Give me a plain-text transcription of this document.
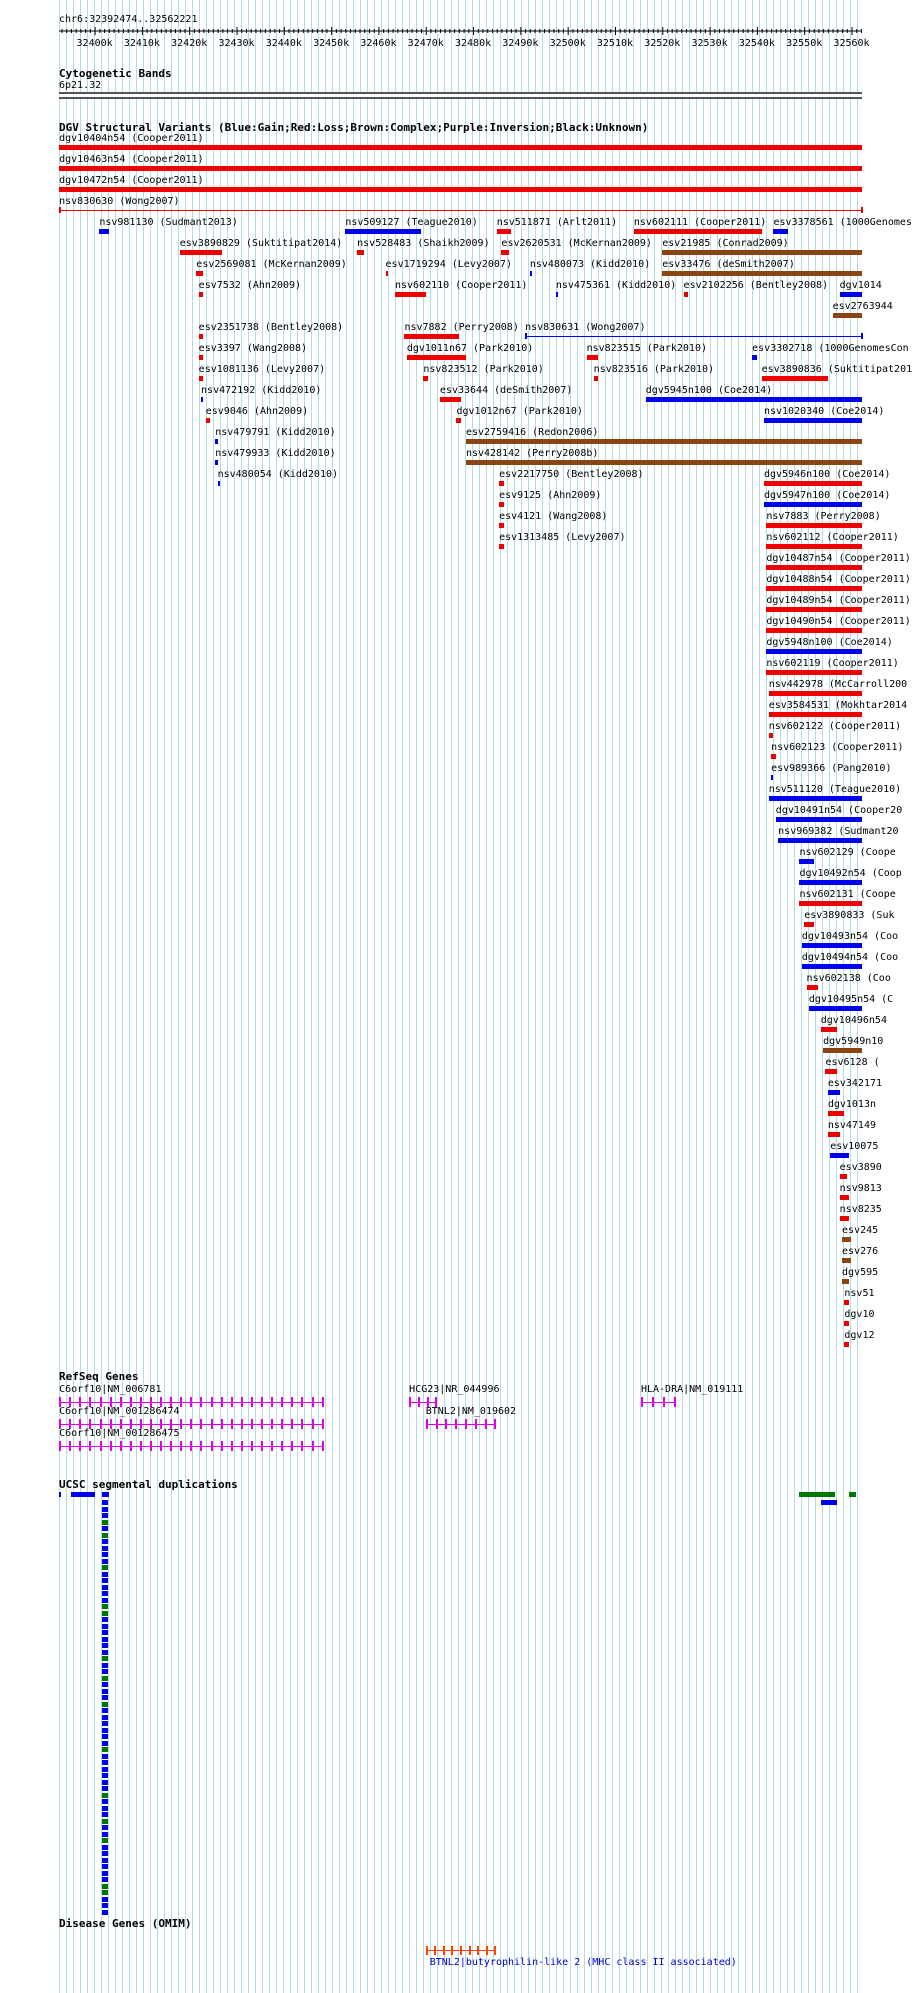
chr6:32392474..32562221
32400k 32410k 32420k 32430k 32440k 32450k 32460k 32470k 32480k 32490k 32500k 32510k 32520k 32530k 32540k 32550k 32560k
Cytogenetic Bands
6p21.32
DGV Structural Variants (Blue:Gain;Red:Loss;Brown:Complex;Purple:Inversion;Black:Unknown)
RefSeq Genes
UCSC segmental duplications
Disease Genes (OMIM)
dgv10404n54 (Cooper2011)
dgv10463n54 (Cooper2011)
dgv10472n54 (Cooper2011)
nsv830630 (Wong2007)
nsv981130 (Sudmant2013)	nsv509127 (Teague2010) nsv511871 (Arlt2011) nsv602111 (Cooper2011) esv3378561 (1000Genomes
esv3890829 (Suktitipat2014) nsv528483 (Shaikh2009) esv2620531 (McKernan2009) esv21985 (Conrad2009)
esv2569081 (McKernan2009)	esv1719294 (Levy2007) nsv480073 (Kidd2010) esv33476 (deSmith2007)
esv7532 (Ahn2009)	nsv602110 (Cooper2011)	nsv475361 (Kidd2010) esv2102256 (Bentley2008)
esv2763944
esv2351738 (Bentley2008)	nsv7882 (Perry2008) nsv830631 (Wong2007)
esv3397 (Wang2008)	dgv1011n67 (Park2010)	nsv823515 (Park2010)	esv3302718 (1000GenomesCon
esv1081136 (Levy2007)	nsv823512 (Park2010)	nsv823516 (Park2010)	esv3890836 (Suktitipat201
nsv472192 (Kidd2010)	esv33644 (deSmith2007)	dgv5945n100 (Coe2014)
esv9046 (Ahn2009)	dgv1012n67 (Park2010)	nsv1020340 (Coe2014)
nsv479791 (Kidd2010)	esv2759416 (Redon2006)
nsv479933 (Kidd2010)	nsv428142 (Perry2008b)
nsv480054 (Kidd2010)	esv2217750 (Bentley2008)	dgv5946n100 (Coe2014)
esv9125 (Ahn2009)	dgv5947n100 (Coe2014)
esv4121 (Wang2008)	nsv7883 (Perry2008)
esv1313485 (Levy2007)	nsv602112 (Cooper2011)
dgv10487n54 (Cooper2011)
dgv10488n54 (Cooper2011)
dgv10489n54 (Cooper2011)
dgv10490n54 (Cooper2011)
dgv5948n100 (Coe2014)
nsv602119 (Cooper2011)
nsv442978 (McCarroll200
esv3584531 (Mokhtar2014
nsv602122 (Cooper2011)
nsv602123 (Cooper2011)
esv989366 (Pang2010)
nsv511120 (Teague2010)
dgv10491n54 (Cooper20
nsv969382 (Sudmant20
nsv602129 (Coope
dgv10492n54 (Coop
nsv602131 (Coope
esv3890833 (Suk
dgv10493n54 (Coo
dgv10494n54 (Coo
nsv602138 (Coo
dgv10495n54 (C
dgv10496n54
dgv5949n10
esv6128 (
esv342171
dgv1013n
nsv47149
esv10075
dgv1014
esv3890
nsv9813
nsv8235
esv245
esv276
dgv595
nsv51
dgv10
dgv12
C6orf10|NM_006781
C6orf10|NM_001286474
C6orf10|NM_001286475
HCG23|NR_044996
BTNL2|NM_019602
HLA-DRA|NM_019111
BTNL2|butyrophilin-like 2 (MHC class II associated)
